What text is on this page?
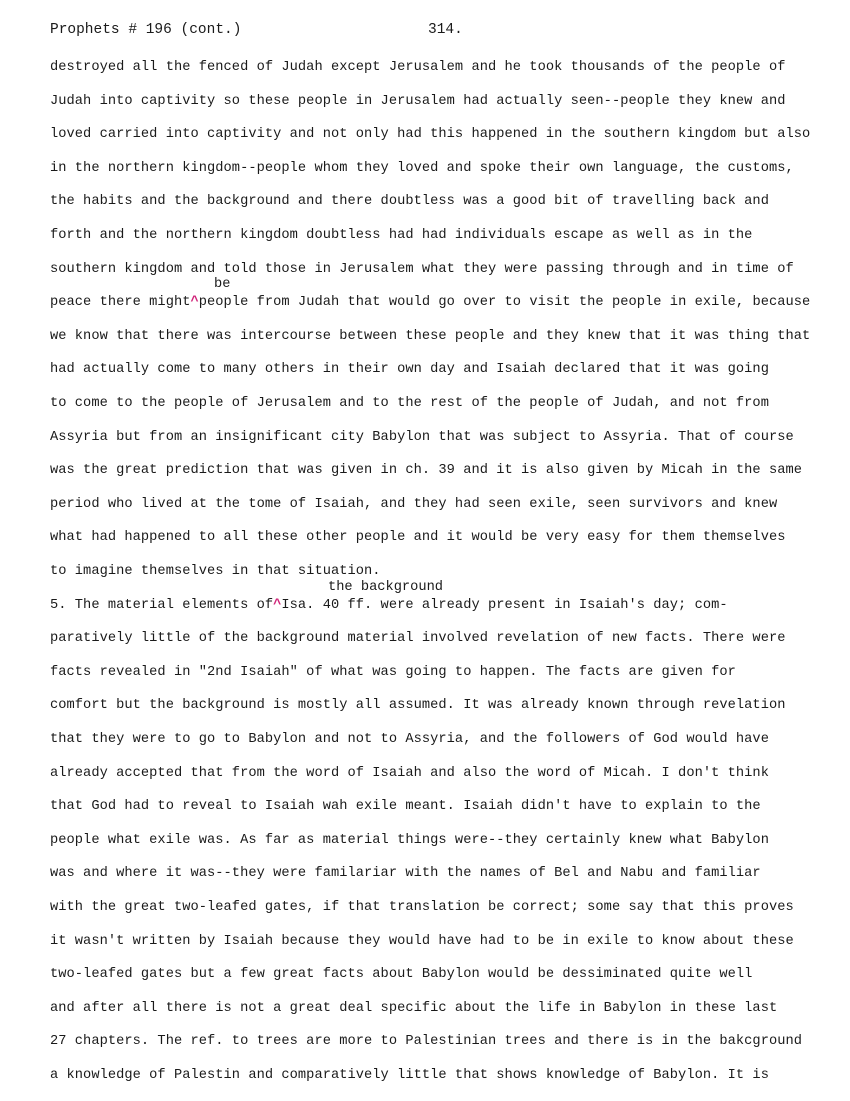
Prophets # 196 (cont.)	314.
be
the background
destroyed all the fenced of Judah except Jerusalem and he took thousands of the people of
Judah into captivity so these people in Jerusalem had actually seen--people they knew and
loved carried into captivity and not only had this happened in the southern kingdom but also
in the northern kingdom--people whom they loved and spoke their own language, the customs,
the habits and the background and there doubtless was a good bit of travelling back and
forth and the northern kingdom doubtless had had individuals escape as well as in the
southern kingdom and told those in Jerusalem what they were passing through and in time of
peace there might^people from Judah that would go over to visit the people in exile, because
we know that there was intercourse between these people and they knew that it was thing that
had actually come to many others in their own day and Isaiah declared that it was going
to come to the people of Jerusalem and to the rest of the people of Judah, and not from
Assyria but from an insignificant city Babylon that was subject to Assyria. That of course
was the great prediction that was given in ch. 39 and it is also given by Micah in the same
period who lived at the tome of Isaiah, and they had seen exile, seen survivors and knew
what had happened to all these other people and it would be very easy for them themselves
to imagine themselves in that situation.
5. The material elements of^Isa. 40 ff. were already present in Isaiah's day; com-
paratively little of the background material involved revelation of new facts. There were
facts revealed in "2nd Isaiah" of what was going to happen. The facts are given for
comfort but the background is mostly all assumed. It was already known through revelation
that they were to go to Babylon and not to Assyria, and the followers of God would have
already accepted that from the word of Isaiah and also the word of Micah. I don't think
that God had to reveal to Isaiah wah exile meant. Isaiah didn't have to explain to the
people what exile was. As far as material things were--they certainly knew what Babylon
was and where it was--they were familariar with the names of Bel and Nabu and familiar
with the great two-leafed gates, if that translation be correct; some say that this proves
it wasn't written by Isaiah because they would have had to be in exile to know about these
two-leafed gates but a few great facts about Babylon would be dessiminated quite well
and after all there is not a great deal specific about the life in Babylon in these last
27 chapters. The ref. to trees are more to Palestinian trees and there is in the bakcground
a knowledge of Palestin and comparatively little that shows knowledge of Babylon. It is
